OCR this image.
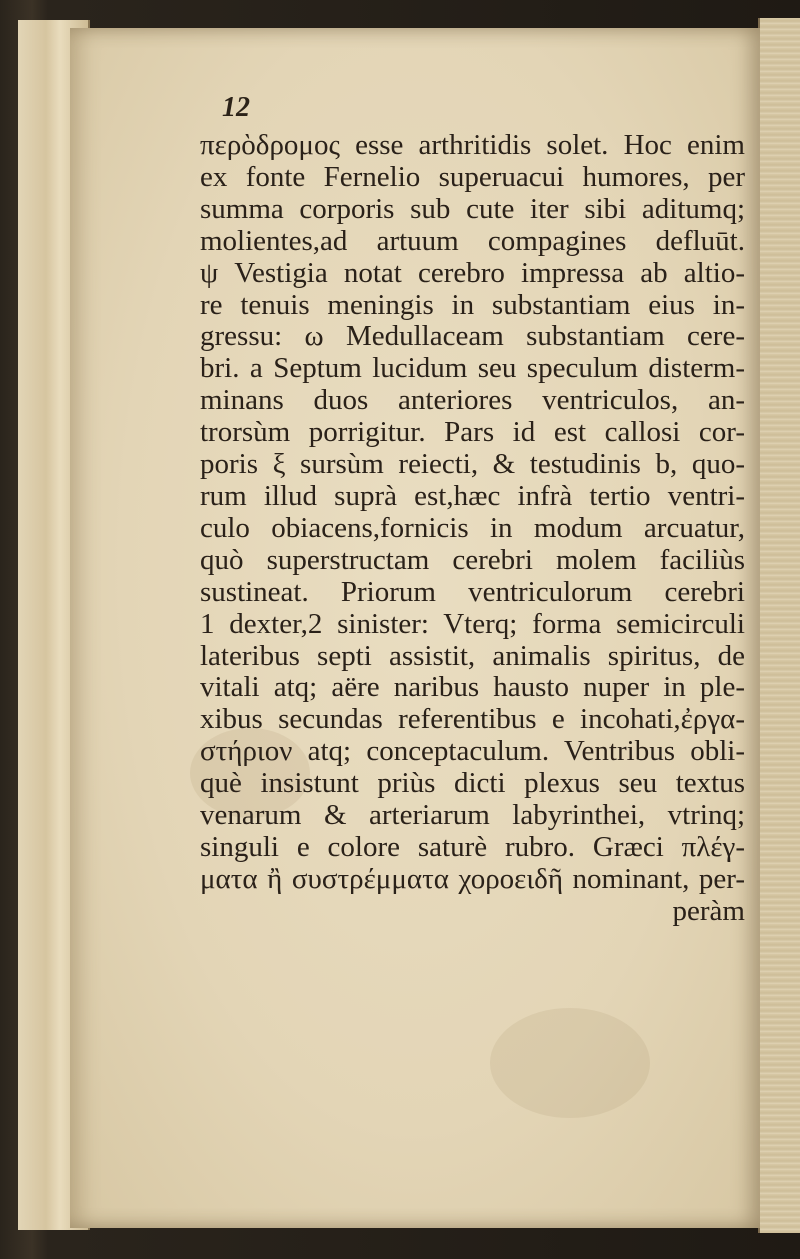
12

περὸδρομος esse arthritidis solet. Hoc enim
ex fonte Fernelio superuacui humores, per
summa corporis sub cute iter sibi aditumq;
molientes,ad artuum compagines defluūt.
ψ Vestigia notat cerebro impressa ab altio-
re tenuis meningis in substantiam eius in-
gressu: ω Medullaceam substantiam cere-
bri. a Septum lucidum seu speculum disterm-
minans duos anteriores ventriculos, an-
trorsùm porrigitur. Pars id est callosi cor-
poris ξ sursùm reiecti, & testudinis b, quo-
rum illud suprà est,hæc infrà tertio ventri-
culo obiacens,fornicis in modum arcuatur,
quò superstructam cerebri molem faciliùs
sustineat. Priorum ventriculorum cerebri
1 dexter,2 sinister: Vterq; forma semicirculi
lateribus septi assistit, animalis spiritus, de
vitali atq; aëre naribus hausto nuper in ple-
xibus secundas referentibus e incohati,ἐργα-
στήριον atq; conceptaculum. Ventribus obli-
què insistunt priùs dicti plexus seu textus
venarum & arteriarum labyrinthei, vtrinq;
singuli e colore saturè rubro. Græci πλέγ-
ματα ἢ συστρέμματα χοροειδῆ nominant, per-
peràm
